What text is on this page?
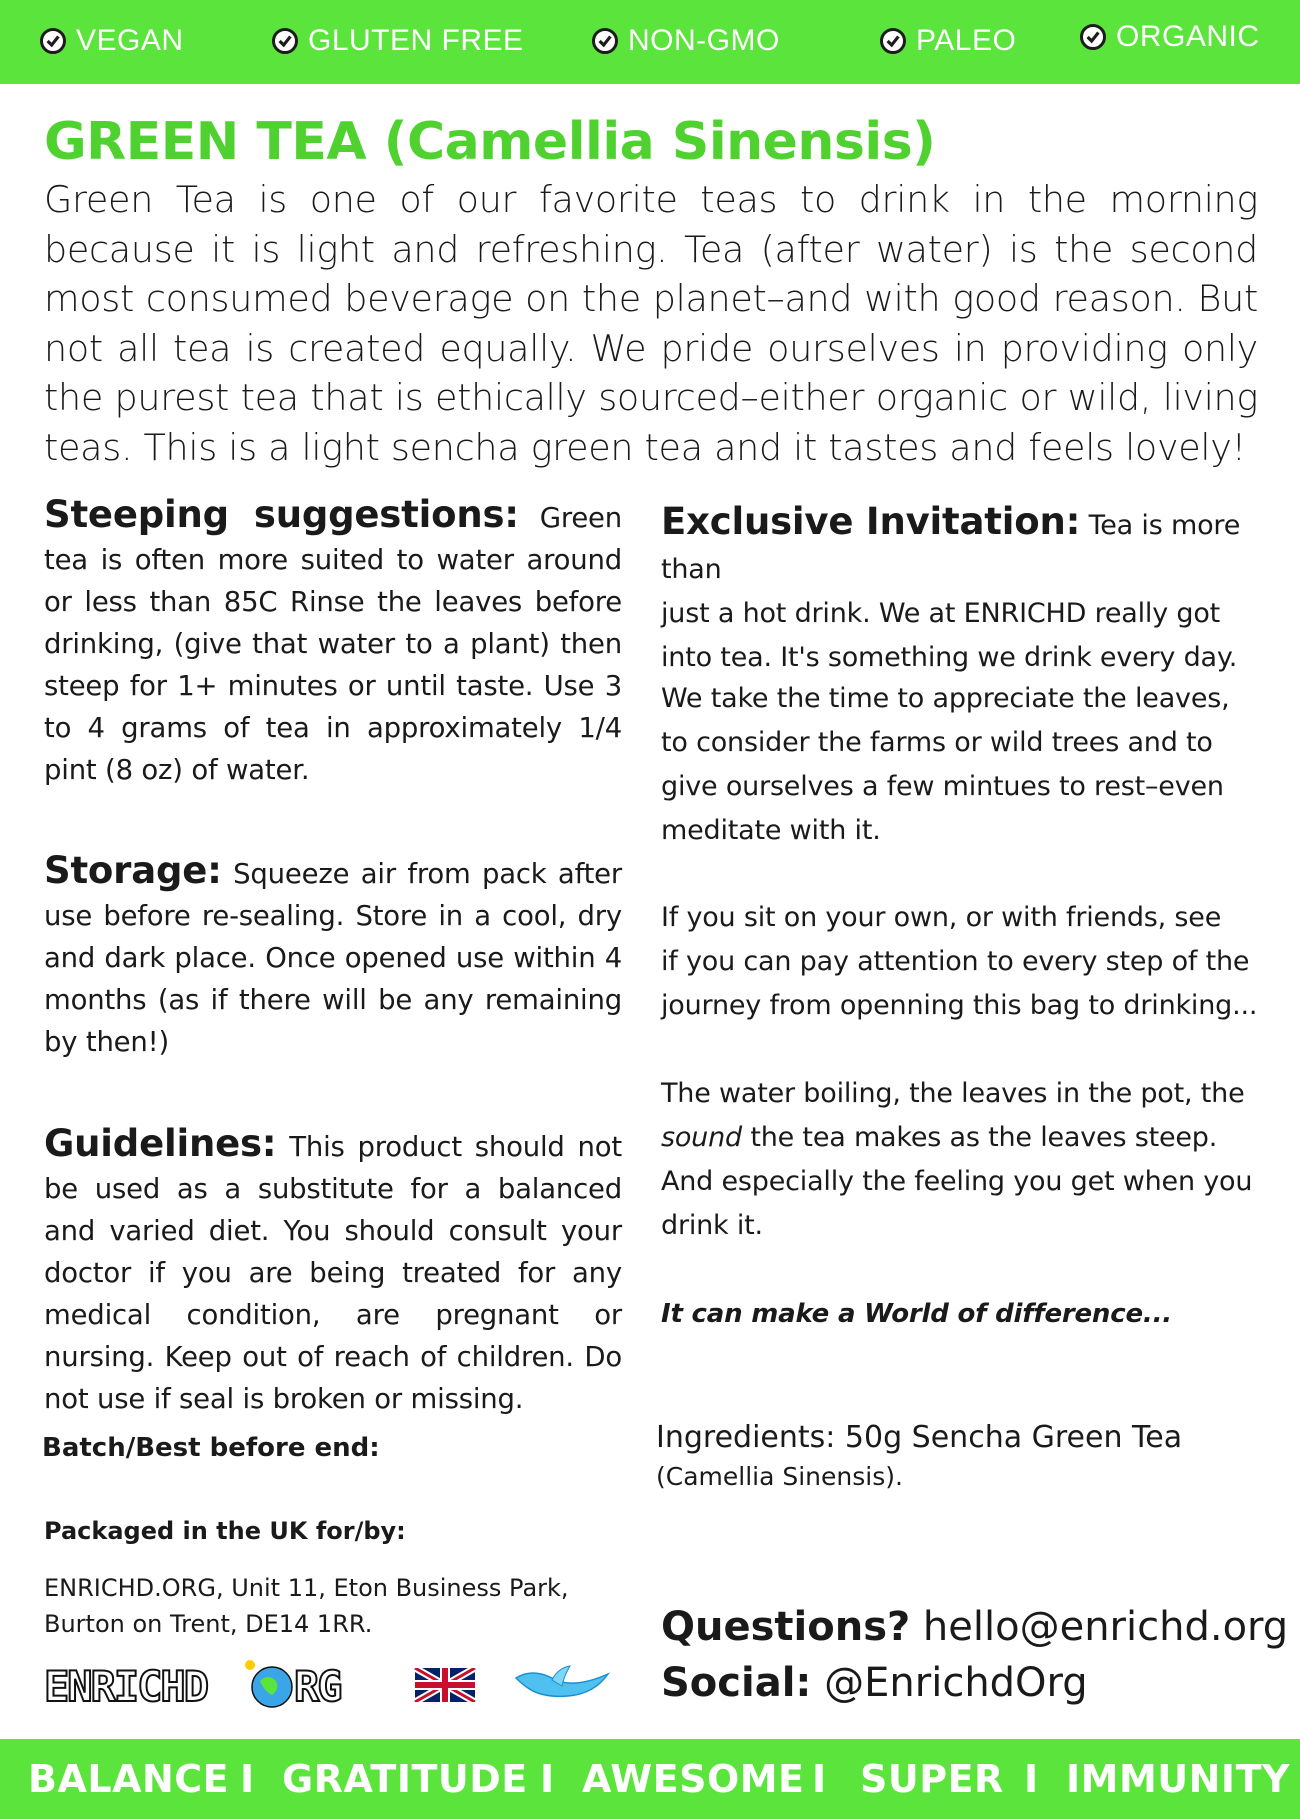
VEGAN	GLUTEN FREE	NON-GMO	PALEO	ORGANIC
GREEN TEA (Camellia Sinensis)
Green Tea is one of our favorite teas to drink in the morning because it is light and refreshing. Tea (after water) is the second most consumed beverage on the planet–and with good reason. But not all tea is created equally. We pride ourselves in providing only the purest tea that is ethically sourced–either organic or wild, living teas. This is a light sencha green tea and it tastes and feels lovely!
Steeping suggestions: Green tea is often more suited to water around or less than 85C Rinse the leaves before drinking, (give that water to a plant) then steep for 1+ minutes or until taste. Use 3 to 4 grams of tea in approximately 1/4 pint (8 oz) of water.
Storage: Squeeze air from pack after use before re-sealing. Store in a cool, dry and dark place. Once opened use within 4 months (as if there will be any remaining by then!)
Guidelines: This product should not be used as a substitute for a balanced and varied diet. You should consult your doctor if you are being treated for any medical condition, are pregnant or nursing. Keep out of reach of children. Do not use if seal is broken or missing.
Batch/Best before end:
Packaged in the UK for/by:
ENRICHD.ORG, Unit 11, Eton Business Park,
Burton on Trent, DE14 1RR.
Exclusive Invitation: Tea is more than
just a hot drink. We at ENRICHD really got
into tea. It's something we drink every day.
We take the time to appreciate the leaves,
to consider the farms or wild trees and to
give ourselves a few mintues to rest–even
meditate with it.
If you sit on your own, or with friends, see
if you can pay attention to every step of the
journey from openning this bag to drinking...
The water boiling, the leaves in the pot, the
sound the tea makes as the leaves steep.
And especially the feeling you get when you
drink it.
It can make a World of difference...
Ingredients: 50g Sencha Green Tea
(Camellia Sinensis).
Questions? hello@enrichd.org
Social: @EnrichdOrg
ENRICHD RG
BALANCE I GRATITUDE I AWESOME I SUPER I IMMUNITY
